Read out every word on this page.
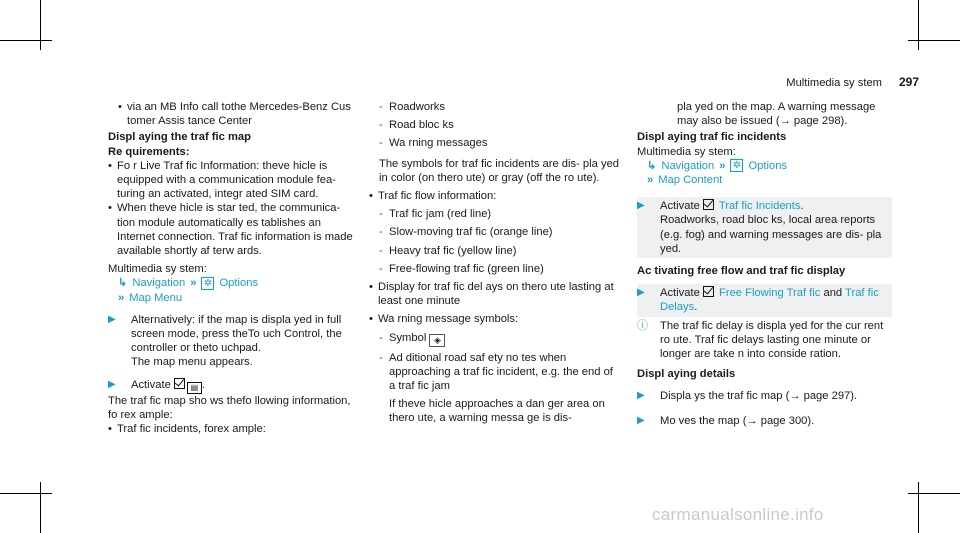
Multimedia sy stem 297
• via an MB Info call tothe Mercedes-Benz Cus tomer Assis tance Center
Displ aying the traf fic map
Re quirements:
• Fo r Live Traf fic Information: theve hicle is equipped with a communication module fea‐ turing an activated, integr ated SIM card.
• When theve hicle is star ted, the communica‐ tion module automatically es tablishes an Internet connection. Traf fic information is made available shortly af terw ards.
Multimedia sy stem:
↳ Navigation » ✲ Options
» Map Menu
▶	Alternatively: if the map is displa yed in full screen mode, press theTo uch Control, the controller or theto uchpad.
The map menu appears.
▶	Activate ▤ .
The traf fic map sho ws thefo llowing information, fo rex ample:
• Traf fic incidents, forex ample:
- Roadworks
- Road bloc ks
- Wa rning messages
The symbols for traf fic incidents are dis‐ pla yed in color (on thero ute) or gray (off the ro ute).
• Traf fic flow information:
- Traf fic jam (red line)
- Slow-moving traf fic (orange line)
- Heavy traf fic (yellow line)
- Free-flowing traf fic (green line)
• Display for traf fic del ays on thero ute lasting at least one minute
• Wa rning message symbols:
- Symbol ◈
- Ad ditional road saf ety no tes when approaching a traf fic incident, e.g. the end of a traf fic jam
If theve hicle approaches a dan ger area on thero ute, a warning messa ge is dis‐
pla yed on the map. A warning message may also be issued (→ page 298).
Displ aying traf fic incidents
Multimedia sy stem:
↳ Navigation » ✲ Options
» Map Content
▶	Activate Traf fic Incidents.
Roadworks, road bloc ks, local area reports (e.g. fog) and warning messages are dis‐ pla yed.
Ac tivating free flow and traf fic display
▶	Activate Free Flowing Traf fic and Traf fic Delays.
ⓘ	The traf fic delay is displa yed for the cur rent ro ute. Traf fic delays lasting one minute or longer are take n into conside ration.
Displ aying details
▶	Displa ys the traf fic map (→ page 297).
▶	Mo ves the map (→ page 300).
carmanualsonline.info
